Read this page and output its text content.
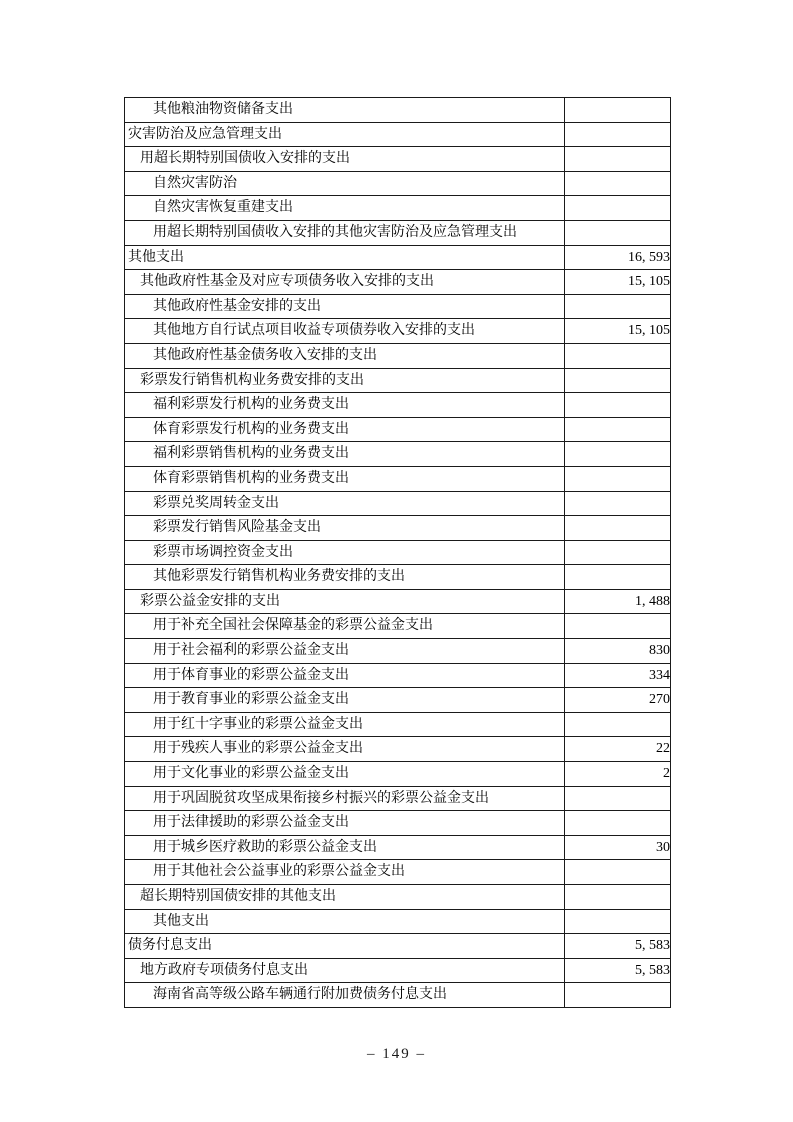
其他粮油物资储备支出	
灾害防治及应急管理支出	
用超长期特别国债收入安排的支出	
自然灾害防治	
自然灾害恢复重建支出	
用超长期特别国债收入安排的其他灾害防治及应急管理支出	
其他支出	16, 593
其他政府性基金及对应专项债务收入安排的支出	15, 105
其他政府性基金安排的支出	
其他地方自行试点项目收益专项债券收入安排的支出	15, 105
其他政府性基金债务收入安排的支出	
彩票发行销售机构业务费安排的支出	
福利彩票发行机构的业务费支出	
体育彩票发行机构的业务费支出	
福利彩票销售机构的业务费支出	
体育彩票销售机构的业务费支出	
彩票兑奖周转金支出	
彩票发行销售风险基金支出	
彩票市场调控资金支出	
其他彩票发行销售机构业务费安排的支出	
彩票公益金安排的支出	1, 488
用于补充全国社会保障基金的彩票公益金支出	
用于社会福利的彩票公益金支出	830
用于体育事业的彩票公益金支出	334
用于教育事业的彩票公益金支出	270
用于红十字事业的彩票公益金支出	
用于残疾人事业的彩票公益金支出	22
用于文化事业的彩票公益金支出	2
用于巩固脱贫攻坚成果衔接乡村振兴的彩票公益金支出	
用于法律援助的彩票公益金支出	
用于城乡医疗救助的彩票公益金支出	30
用于其他社会公益事业的彩票公益金支出	
超长期特别国债安排的其他支出	
其他支出	
债务付息支出	5, 583
地方政府专项债务付息支出	5, 583
海南省高等级公路车辆通行附加费债务付息支出	
– 149 –
